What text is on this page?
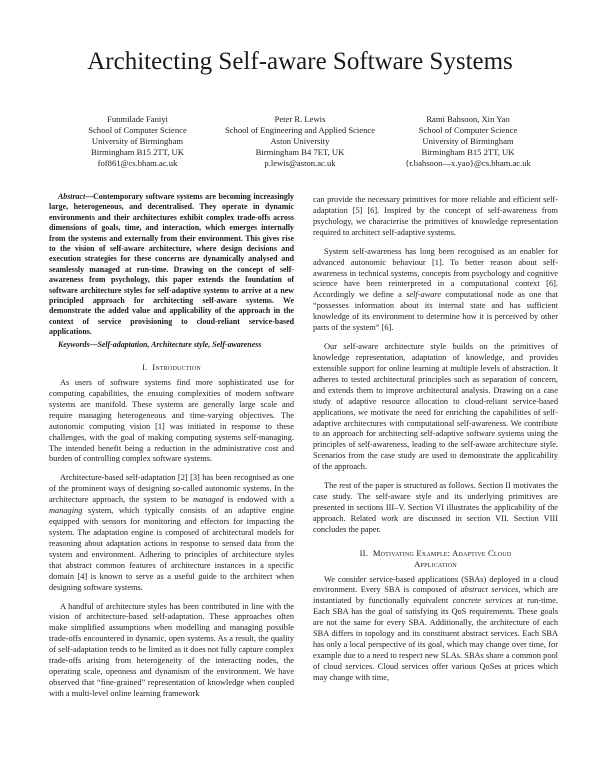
Architecting Self-aware Software Systems
Funmilade Faniyi
School of Computer Science
University of Birmingham
Birmingham B15 2TT, UK
fof861@cs.bham.ac.uk
Peter R. Lewis
School of Engineering and Applied Science
Aston University
Birmingham B4 7ET, UK
p.lewis@aston.ac.uk
Rami Bahsoon, Xin Yao
School of Computer Science
University of Birmingham
Birmingham B15 2TT, UK
{r.bahsoon—x.yao}@cs.bham.ac.uk

Abstract—Contemporary software systems are becoming increasingly large, heterogeneous, and decentralised. They operate in dynamic environments and their architectures exhibit complex trade-offs across dimensions of goals, time, and interaction, which emerges internally from the systems and externally from their environment. This gives rise to the vision of self-aware architecture, where design decisions and execution strategies for these concerns are dynamically analysed and seamlessly managed at run-time. Drawing on the concept of self-awareness from psychology, this paper extends the foundation of software architecture styles for self-adaptive systems to arrive at a new principled approach for architecting self-aware systems. We demonstrate the added value and applicability of the approach in the context of service provisioning to cloud-reliant service-based applications.

Keywords—Self-adaptation, Architecture style, Self-awareness

I. Introduction

As users of software systems find more sophisticated use for computing capabilities, the ensuing complexities of modern software systems are manifold. These systems are generally large scale and require managing heterogeneous and time-varying objectives. The autonomic computing vision [1] was initiated in response to these challenges, with the goal of making computing systems self-managing. The intended benefit being a reduction in the administrative cost and burden of controlling complex software systems.

Architecture-based self-adaptation [2] [3] has been recognised as one of the prominent ways of designing so-called autonomic systems. In the architecture approach, the system to be managed is endowed with a managing system, which typically consists of an adaptive engine equipped with sensors for monitoring and effectors for impacting the system. The adaptation engine is composed of architectural models for reasoning about adaptation actions in response to sensed data from the system and environment. Adhering to principles of architecture styles that abstract common features of architecture instances in a specific domain [4] is known to serve as a useful guide to the architect when designing software systems.

A handful of architecture styles has been contributed in line with the vision of architecture-based self-adaptation. These approaches often make simplified assumptions when modelling and managing possible trade-offs encountered in dynamic, open systems. As a result, the quality of self-adaptation tends to be limited as it does not fully capture complex trade-offs arising from heterogeneity of the interacting nodes, the operating scale, openness and dynamism of the environment. We have observed that “fine-grained” representation of knowledge when coupled with a multi-level online learning framework

can provide the necessary primitives for more reliable and efficient self-adaptation [5] [6]. Inspired by the concept of self-awareness from psychology, we characterise the primitives of knowledge representation required to architect self-adaptive systems.

System self-awareness has long been recognised as an enabler for advanced autonomic behaviour [1]. To better reason about self-awareness in technical systems, concepts from psychology and cognitive science have been reinterpreted in a computational context [6]. Accordingly we define a self-aware computational node as one that “possesses information about its internal state and has sufficient knowledge of its environment to determine how it is perceived by other parts of the system” [6].

Our self-aware architecture style builds on the primitives of knowledge representation, adaptation of knowledge, and provides extensible support for online learning at multiple levels of abstraction. It adheres to tested architectural principles such as separation of concern, and extends them to improve architectural analysis. Drawing on a case study of adaptive resource allocation to cloud-reliant service-based applications, we motivate the need for enriching the capabilities of self-adaptive architectures with computational self-awareness. We contribute to an approach for architecting self-adaptive software systems using the principles of self-awareness, leading to the self-aware architecture style. Scenarios from the case study are used to demonstrate the applicability of the approach.

The rest of the paper is structured as follows. Section II motivates the case study. The self-aware style and its underlying primitives are presented in sections III–V. Section VI illustrates the applicability of the approach. Related work are discussed in section VII. Section VIII concludes the paper.

II. Motivating Example: Adaptive Cloud
Application

We consider service-based applications (SBAs) deployed in a cloud environment. Every SBA is composed of abstract services, which are instantiated by functionally equivalent concrete services at run-time. Each SBA has the goal of satisfying its QoS requirements. These goals are not the same for every SBA. Additionally, the architecture of each SBA differs in topology and its constituent abstract services. Each SBA has only a local perspective of its goal, which may change over time, for example due to a need to respect new SLAs. SBAs share a common pool of cloud services. Cloud services offer various QoSes at prices which may change with time,
